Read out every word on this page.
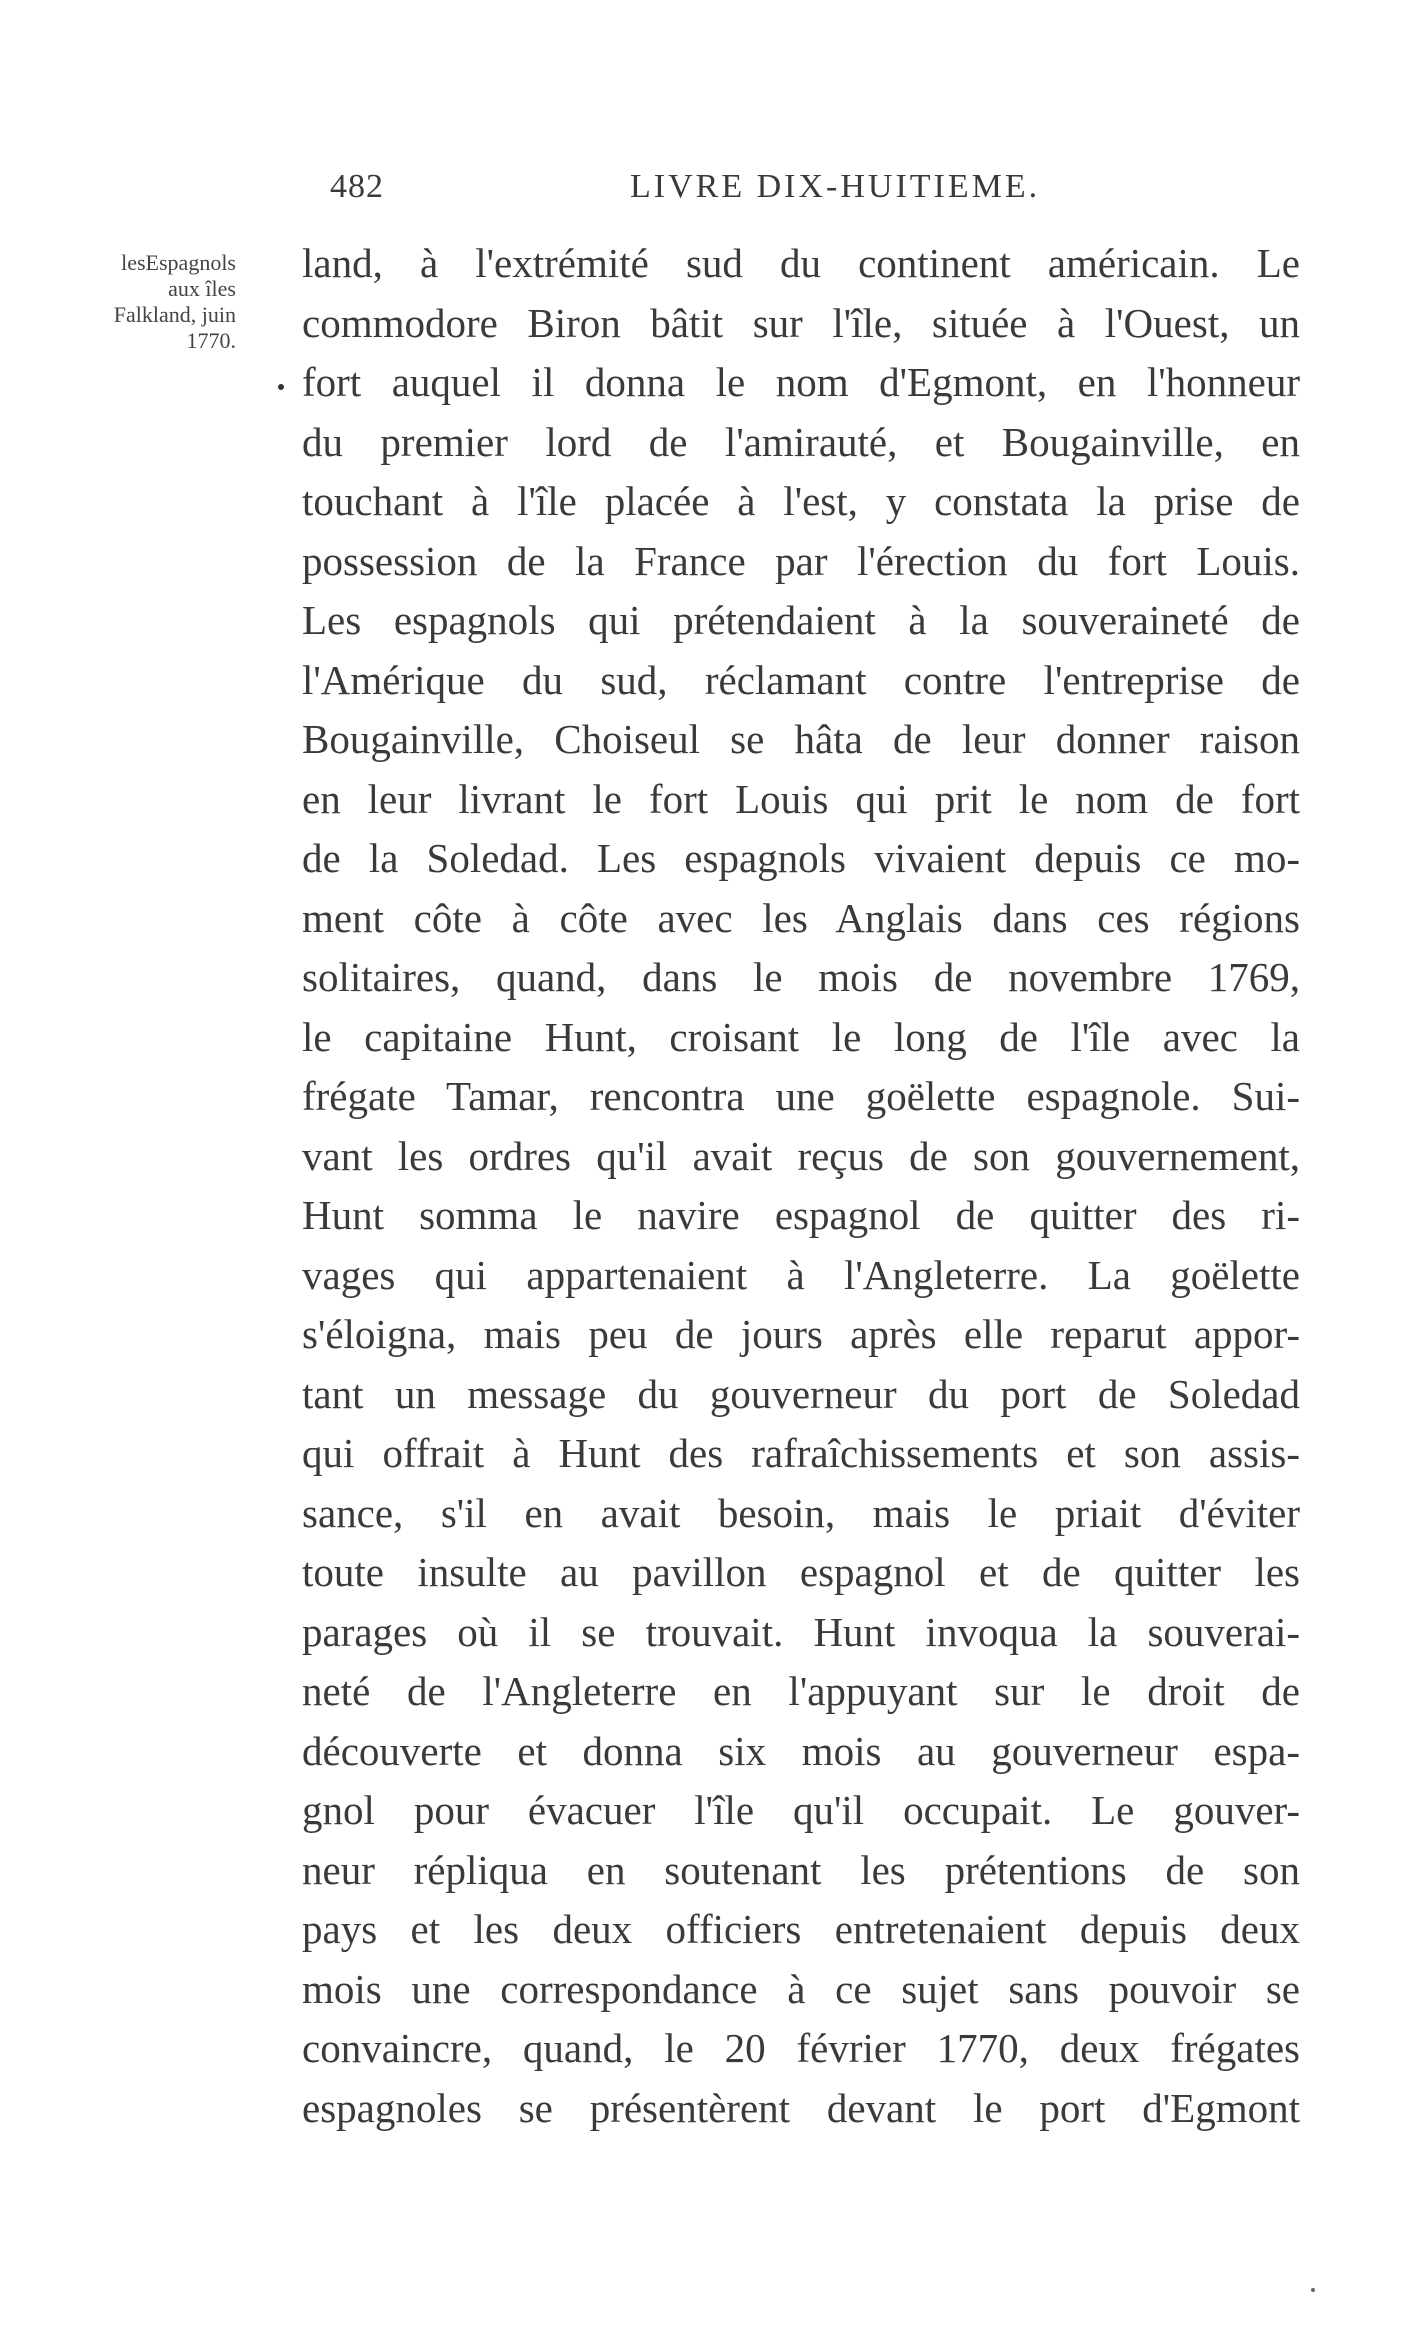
482	LIVRE DIX-HUITIEME.
lesEspagnols
aux îles
Falkland, juin
1770.
land, à l'extrémité sud du continent américain. Le
commodore Biron bâtit sur l'île, située à l'Ouest, un
fort auquel il donna le nom d'Egmont, en l'honneur
du premier lord de l'amirauté, et Bougainville, en
touchant à l'île placée à l'est, y constata la prise de
possession de la France par l'érection du fort Louis.
Les espagnols qui prétendaient à la souveraineté de
l'Amérique du sud, réclamant contre l'entreprise de
Bougainville, Choiseul se hâta de leur donner raison
en leur livrant le fort Louis qui prit le nom de fort
de la Soledad. Les espagnols vivaient depuis ce mo-
ment côte à côte avec les Anglais dans ces régions
solitaires, quand, dans le mois de novembre 1769,
le capitaine Hunt, croisant le long de l'île avec la
frégate Tamar, rencontra une goëlette espagnole. Sui-
vant les ordres qu'il avait reçus de son gouvernement,
Hunt somma le navire espagnol de quitter des ri-
vages qui appartenaient à l'Angleterre. La goëlette
s'éloigna, mais peu de jours après elle reparut appor-
tant un message du gouverneur du port de Soledad
qui offrait à Hunt des rafraîchissements et son assis-
sance, s'il en avait besoin, mais le priait d'éviter
toute insulte au pavillon espagnol et de quitter les
parages où il se trouvait. Hunt invoqua la souverai-
neté de l'Angleterre en l'appuyant sur le droit de
découverte et donna six mois au gouverneur espa-
gnol pour évacuer l'île qu'il occupait. Le gouver-
neur répliqua en soutenant les prétentions de son
pays et les deux officiers entretenaient depuis deux
mois une correspondance à ce sujet sans pouvoir se
convaincre, quand, le 20 février 1770, deux frégates
espagnoles se présentèrent devant le port d'Egmont
